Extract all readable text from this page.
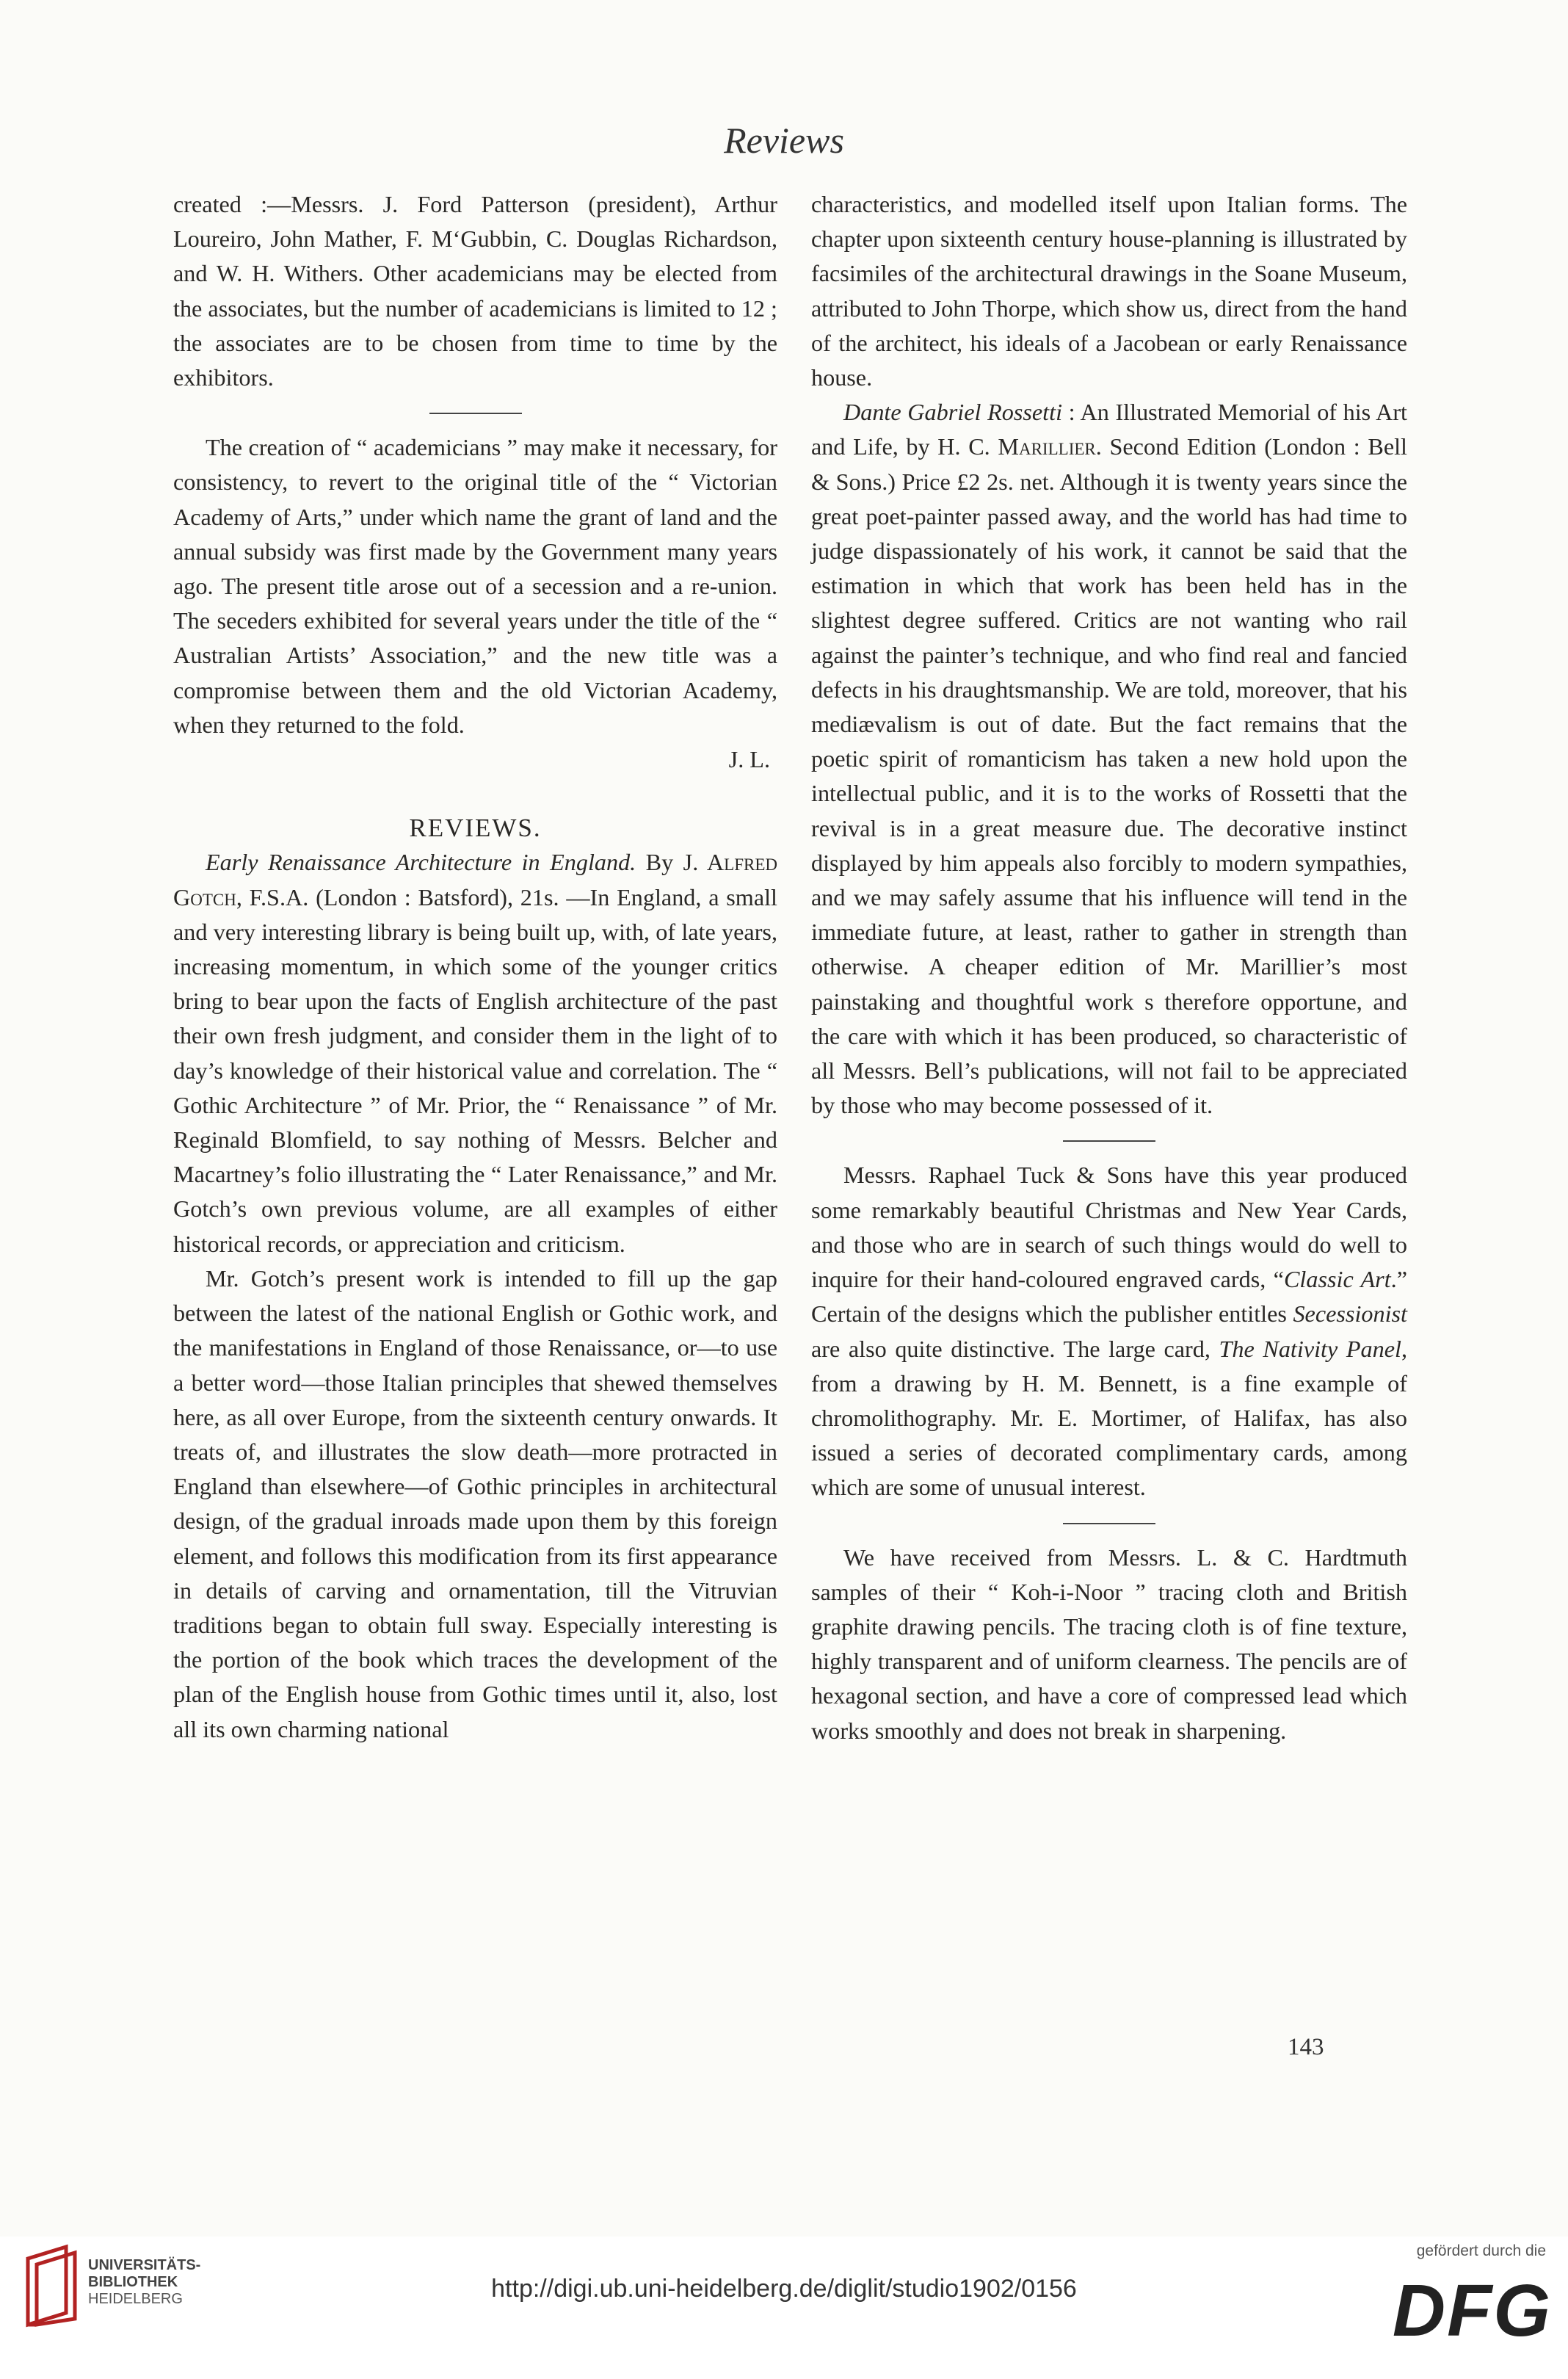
Reviews

created :—Messrs. J. Ford Patterson (president), Arthur Loureiro, John Mather, F. M‘Gubbin, C. Douglas Richardson, and W. H. Withers. Other academicians may be elected from the associates, but the number of academicians is limited to 12 ; the associates are to be chosen from time to time by the exhibitors.

The creation of “ academicians ” may make it necessary, for consistency, to revert to the original title of the “ Victorian Academy of Arts,” under which name the grant of land and the annual subsidy was first made by the Government many years ago. The present title arose out of a secession and a re-union. The seceders exhibited for several years under the title of the “ Australian Artists’ Association,” and the new title was a compromise between them and the old Victorian Academy, when they returned to the fold.

J. L.

REVIEWS.

Early Renaissance Architecture in England. By J. Alfred Gotch, F.S.A. (London : Batsford), 21s. —In England, a small and very interesting library is being built up, with, of late years, increasing momentum, in which some of the younger critics bring to bear upon the facts of English architecture of the past their own fresh judgment, and consider them in the light of to day’s knowledge of their historical value and correlation. The “ Gothic Architecture ” of Mr. Prior, the “ Renaissance ” of Mr. Reginald Blomfield, to say nothing of Messrs. Belcher and Macartney’s folio illustrating the “ Later Renaissance,” and Mr. Gotch’s own previous volume, are all examples of either historical records, or appreciation and criticism.

Mr. Gotch’s present work is intended to fill up the gap between the latest of the national English or Gothic work, and the manifestations in England of those Renaissance, or—to use a better word—those Italian principles that shewed themselves here, as all over Europe, from the sixteenth century onwards. It treats of, and illustrates the slow death—more protracted in England than elsewhere—of Gothic principles in architectural design, of the gradual inroads made upon them by this foreign element, and follows this modification from its first appearance in details of carving and ornamentation, till the Vitruvian traditions began to obtain full sway. Especially interesting is the portion of the book which traces the development of the plan of the English house from Gothic times until it, also, lost all its own charming national

characteristics, and modelled itself upon Italian forms. The chapter upon sixteenth century house-planning is illustrated by facsimiles of the architectural drawings in the Soane Museum, attributed to John Thorpe, which show us, direct from the hand of the architect, his ideals of a Jacobean or early Renaissance house.

Dante Gabriel Rossetti : An Illustrated Memorial of his Art and Life, by H. C. Marillier. Second Edition (London : Bell & Sons.) Price £2 2s. net. Although it is twenty years since the great poet-painter passed away, and the world has had time to judge dispassionately of his work, it cannot be said that the estimation in which that work has been held has in the slightest degree suffered. Critics are not wanting who rail against the painter’s technique, and who find real and fancied defects in his draughtsmanship. We are told, moreover, that his mediævalism is out of date. But the fact remains that the poetic spirit of romanticism has taken a new hold upon the intellectual public, and it is to the works of Rossetti that the revival is in a great measure due. The decorative instinct displayed by him appeals also forcibly to modern sympathies, and we may safely assume that his influence will tend in the immediate future, at least, rather to gather in strength than otherwise. A cheaper edition of Mr. Marillier’s most painstaking and thoughtful work s therefore opportune, and the care with which it has been produced, so characteristic of all Messrs. Bell’s publications, will not fail to be appreciated by those who may become possessed of it.

Messrs. Raphael Tuck & Sons have this year produced some remarkably beautiful Christmas and New Year Cards, and those who are in search of such things would do well to inquire for their hand-coloured engraved cards, “Classic Art.” Certain of the designs which the publisher entitles Secessionist are also quite distinctive. The large card, The Nativity Panel, from a drawing by H. M. Bennett, is a fine example of chromolithography. Mr. E. Mortimer, of Halifax, has also issued a series of decorated complimentary cards, among which are some of unusual interest.

We have received from Messrs. L. & C. Hardtmuth samples of their “ Koh-i-Noor ” tracing cloth and British graphite drawing pencils. The tracing cloth is of fine texture, highly transparent and of uniform clearness. The pencils are of hexagonal section, and have a core of compressed lead which works smoothly and does not break in sharpening.

143
UNIVERSITÄTS-
BIBLIOTHEK
HEIDELBERG	http://digi.ub.uni-heidelberg.de/diglit/studio1902/0156
gefördert durch die
DFG
